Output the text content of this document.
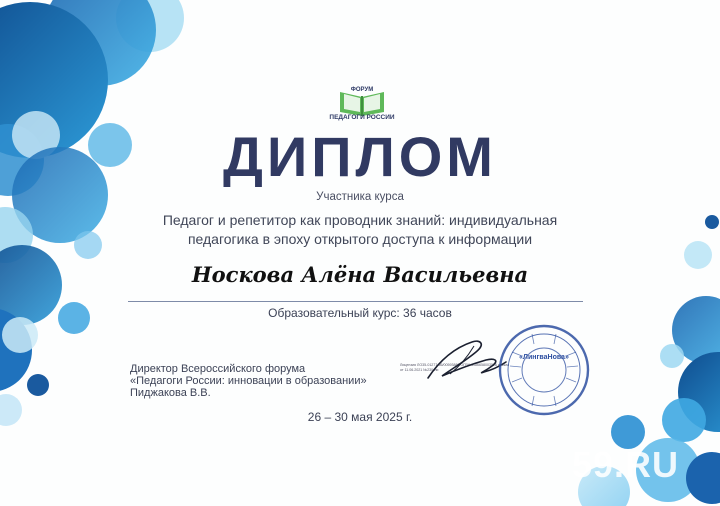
ФОРУМ
ПЕДАГОГИ РОССИИ
ДИПЛОМ
Участника курса
Педагог и репетитор как проводник знаний: индивидуальная
педагогика в эпоху открытого доступа к информации
Носкова Алёна Васильевна
Образовательный курс: 36 часов
Директор Всероссийского форума
«Педагоги России: инновации в образовании»
Пиджакова В.В.
Лицензия ЛО35-01277-66/00593886 ОГРН 1186658003526 приказ от 11.06.2021 №230-ли
«ЛингваНова»
26 – 30 мая 2025 г.
59.RU
